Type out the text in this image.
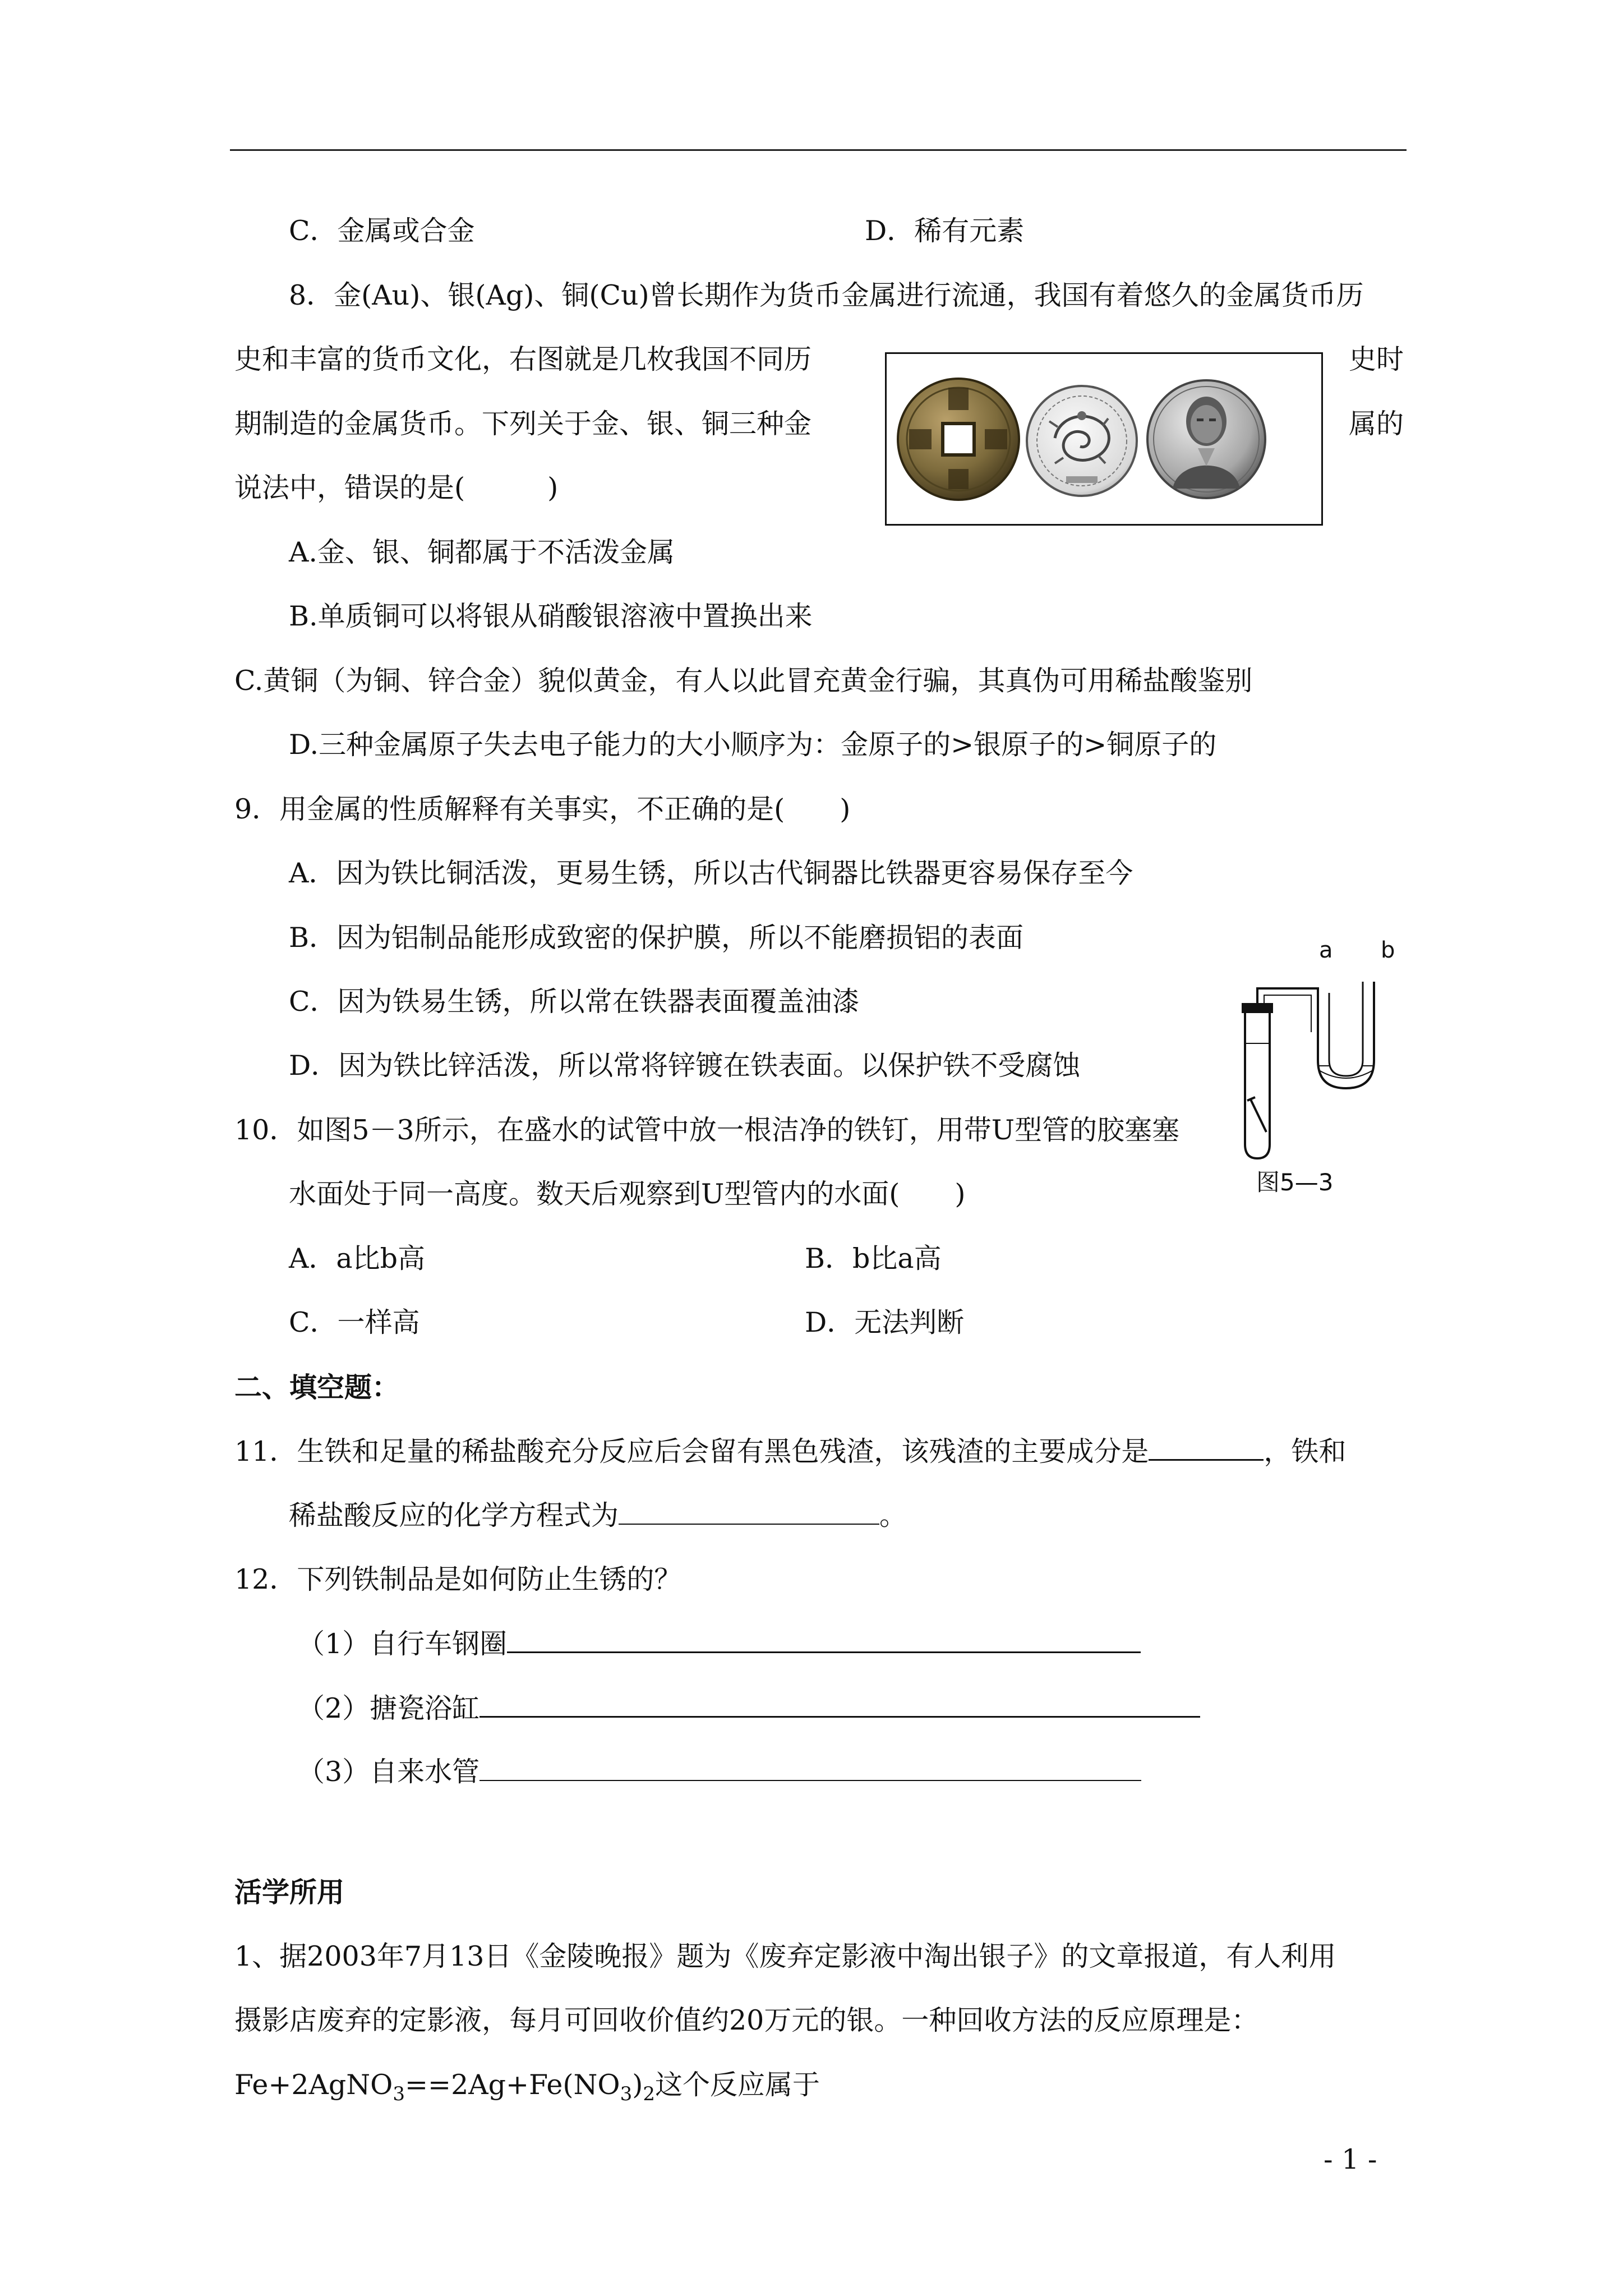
C．金属或合金	D．稀有元素
8．金(Au)、银(Ag)、铜(Cu)曾长期作为货币金属进行流通，我国有着悠久的金属货币历
史和丰富的货币文化，右图就是几枚我国不同历	史时
期制造的金属货币。下列关于金、银、铜三种金	属的
说法中，错误的是(　　　)
A.金、银、铜都属于不活泼金属
B.单质铜可以将银从硝酸银溶液中置换出来
C.黄铜（为铜、锌合金）貌似黄金，有人以此冒充黄金行骗，其真伪可用稀盐酸鉴别
D.三种金属原子失去电子能力的大小顺序为：金原子的>银原子的>铜原子的
9．用金属的性质解释有关事实，不正确的是(　　)
A．因为铁比铜活泼，更易生锈，所以古代铜器比铁器更容易保存至今
B．因为铝制品能形成致密的保护膜，所以不能磨损铝的表面
C．因为铁易生锈，所以常在铁器表面覆盖油漆
D．因为铁比锌活泼，所以常将锌镀在铁表面。以保护铁不受腐蚀
10．如图5－3所示，在盛水的试管中放一根洁净的铁钉，用带U型管的胶塞塞
水面处于同一高度。数天后观察到U型管内的水面(　　)
a b
图5—3
A．a比b高	B．b比a高
C．一样高	D．无法判断
二、填空题：
11．生铁和足量的稀盐酸充分反应后会留有黑色残渣，该残渣的主要成分是	，铁和
稀盐酸反应的化学方程式为	。
12．下列铁制品是如何防止生锈的？
（1）自行车钢圈
（2）搪瓷浴缸
（3）自来水管
活学所用
1、据2003年7月13日《金陵晚报》题为《废弃定影液中淘出银子》的文章报道，有人利用
摄影店废弃的定影液，每月可回收价值约20万元的银。一种回收方法的反应原理是：
$Fe+2AgNO_3==2Ag+Fe(NO_3)_2$这个反应属于
- 1 -
